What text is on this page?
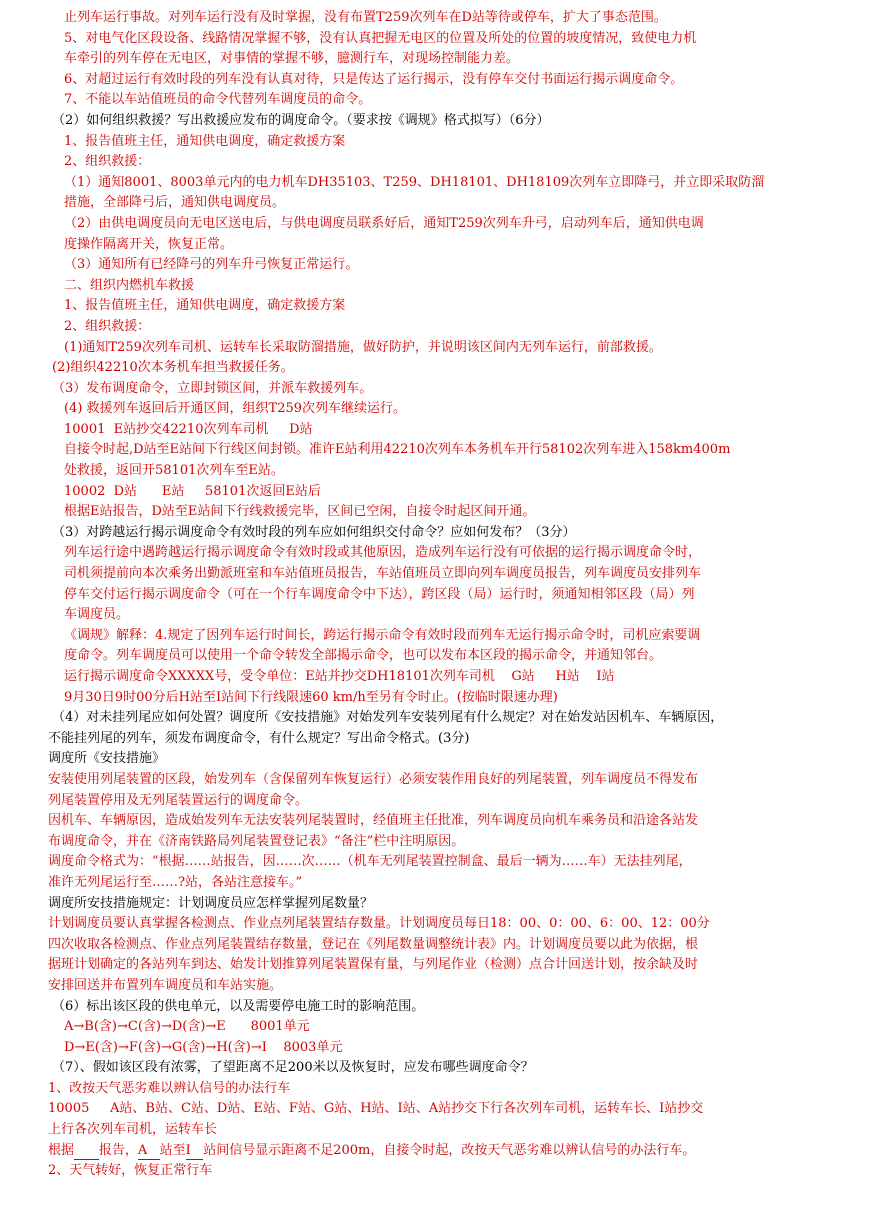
止列车运行事故。对列车运行没有及时掌握，没有布置T259次列车在D站等待或停车，扩大了事态范围。
5、对电气化区段设备、线路情况掌握不够，没有认真把握无电区的位置及所处的位置的坡度情况，致使电力机
车牵引的列车停在无电区，对事情的掌握不够，臆测行车，对现场控制能力差。
6、对超过运行有效时段的列车没有认真对待，只是传达了运行揭示，没有停车交付书面运行揭示调度命令。
7、不能以车站值班员的命令代替列车调度员的命令。
（2）如何组织救援？写出救援应发布的调度命令。（要求按《调规》格式拟写）（6分）
1、报告值班主任，通知供电调度，确定救援方案
2、组织救援：
（1）通知8001、8003单元内的电力机车DH35103、T259、DH18101、DH18109次列车立即降弓，并立即采取防溜
措施，全部降弓后，通知供电调度员。
（2）由供电调度员向无电区送电后，与供电调度员联系好后，通知T259次列车升弓，启动列车后，通知供电调
度操作隔离开关，恢复正常。
（3）通知所有已经降弓的列车升弓恢复正常运行。
二、组织内燃机车救援
1、报告值班主任，通知供电调度，确定救援方案
2、组织救援：
(1)通知T259次列车司机、运转车长采取防溜措施，做好防护，并说明该区间内无列车运行，前部救援。
(2)组织42210次本务机车担当救援任务。
（3）发布调度命令，立即封锁区间，并派车救援列车。
(4) 救援列车返回后开通区间，组织T259次列车继续运行。
10001  E站抄交42210次列车司机     D站
自接令时起,D站至E站间下行线区间封锁。准许E站利用42210次列车本务机车开行58102次列车进入158km400m
处救援，返回开58101次列车至E站。
10002  D站      E站     58101次返回E站后
根据E站报告，D站至E站间下行线救援完毕，区间已空闲，自接令时起区间开通。
（3）对跨越运行揭示调度命令有效时段的列车应如何组织交付命令？应如何发布？（3分）
列车运行途中遇跨越运行揭示调度命令有效时段或其他原因，造成列车运行没有可依据的运行揭示调度命令时，
司机须提前向本次乘务出勤派班室和车站值班员报告，车站值班员立即向列车调度员报告，列车调度员安排列车
停车交付运行揭示调度命令（可在一个行车调度命令中下达），跨区段（局）运行时，须通知相邻区段（局）列
车调度员。
《调规》解释：4.规定了因列车运行时间长，跨运行揭示命令有效时段而列车无运行揭示命令时，司机应索要调
度命令。列车调度员可以使用一个命令转发全部揭示命令，也可以发布本区段的揭示命令，并通知邻台。
运行揭示调度命令XXXXX号，受令单位：E站并抄交DH18101次列车司机    G站     H站    I站
9月30日9时00分后H站至I站间下行线限速60 km/h至另有令时止。(按临时限速办理)
（4）对未挂列尾应如何处置？调度所《安技措施》对始发列车安装列尾有什么规定？对在始发站因机车、车辆原因，
不能挂列尾的列车，须发布调度命令，有什么规定？写出命令格式。(3分)
调度所《安技措施》
安装使用列尾装置的区段，始发列车（含保留列车恢复运行）必须安装作用良好的列尾装置，列车调度员不得发布
列尾装置停用及无列尾装置运行的调度命令。
因机车、车辆原因，造成始发列车无法安装列尾装置时，经值班主任批准，列车调度员向机车乘务员和沿途各站发
布调度命令，并在《济南铁路局列尾装置登记表》“备注”栏中注明原因。
调度命令格式为：“根据……站报告，因……次……（机车无列尾装置控制盒、最后一辆为……车）无法挂列尾，
准许无列尾运行至……?站，各站注意接车。”
调度所安技措施规定：计划调度员应怎样掌握列尾数量？
计划调度员要认真掌握各检测点、作业点列尾装置结存数量。计划调度员每日18：00、0：00、6：00、12：00分
四次收取各检测点、作业点列尾装置结存数量，登记在《列尾数量调整统计表》内。计划调度员要以此为依据，根
据班计划确定的各站列车到达、始发计划推算列尾装置保有量，与列尾作业（检测）点合计回送计划，按余缺及时
安排回送并布置列车调度员和车站实施。
（6）标出该区段的供电单元，以及需要停电施工时的影响范围。
A→B(含)→C(含)→D(含)→E      8001单元
D→E(含)→F(含)→G(含)→H(含)→I    8003单元
（7）、假如该区段有浓雾，了望距离不足200米以及恢复时，应发布哪些调度命令？
1、改按天气恶劣难以辨认信号的办法行车
10005     A站、B站、C站、D站、E站、F站、G站、H站、I站、A站抄交下行各次列车司机，运转车长、I站抄交
上行各次列车司机，运转车长
根据 报告，A   站至I   站间信号显示距离不足200m，自接令时起，改按天气恶劣难以辨认信号的办法行车。
2、天气转好，恢复正常行车
